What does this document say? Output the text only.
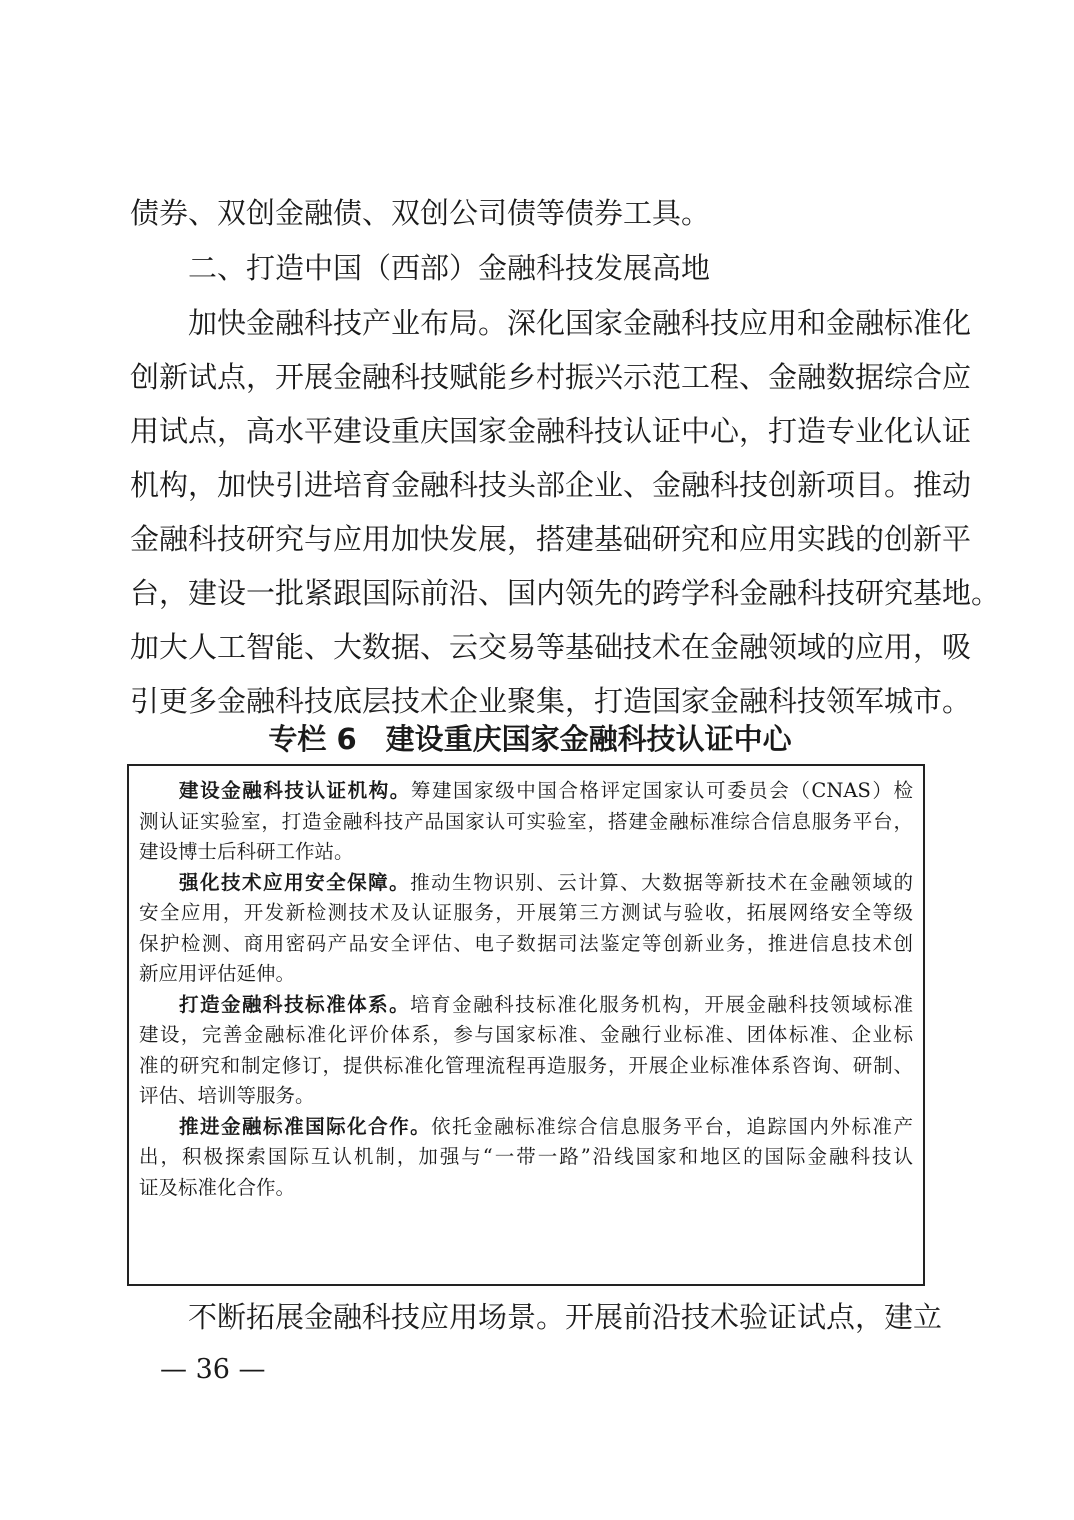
债券、双创金融债、双创公司债等债券工具。
二、打造中国（西部）金融科技发展高地
加快金融科技产业布局。深化国家金融科技应用和金融标准化
创新试点，开展金融科技赋能乡村振兴示范工程、金融数据综合应
用试点，高水平建设重庆国家金融科技认证中心，打造专业化认证
机构，加快引进培育金融科技头部企业、金融科技创新项目。推动
金融科技研究与应用加快发展，搭建基础研究和应用实践的创新平
台，建设一批紧跟国际前沿、国内领先的跨学科金融科技研究基地。
加大人工智能、大数据、云交易等基础技术在金融领域的应用，吸
引更多金融科技底层技术企业聚集，打造国家金融科技领军城市。
专栏 6　建设重庆国家金融科技认证中心
建设金融科技认证机构。筹建国家级中国合格评定国家认可委员会（CNAS）检
测认证实验室，打造金融科技产品国家认可实验室，搭建金融标准综合信息服务平台，
建设博士后科研工作站。
强化技术应用安全保障。推动生物识别、云计算、大数据等新技术在金融领域的
安全应用，开发新检测技术及认证服务，开展第三方测试与验收，拓展网络安全等级
保护检测、商用密码产品安全评估、电子数据司法鉴定等创新业务，推进信息技术创
新应用评估延伸。
打造金融科技标准体系。培育金融科技标准化服务机构，开展金融科技领域标准
建设，完善金融标准化评价体系，参与国家标准、金融行业标准、团体标准、企业标
准的研究和制定修订，提供标准化管理流程再造服务，开展企业标准体系咨询、研制、
评估、培训等服务。
推进金融标准国际化合作。依托金融标准综合信息服务平台，追踪国内外标准产
出，积极探索国际互认机制，加强与“一带一路”沿线国家和地区的国际金融科技认
证及标准化合作。
不断拓展金融科技应用场景。开展前沿技术验证试点，建立
— 36 —
